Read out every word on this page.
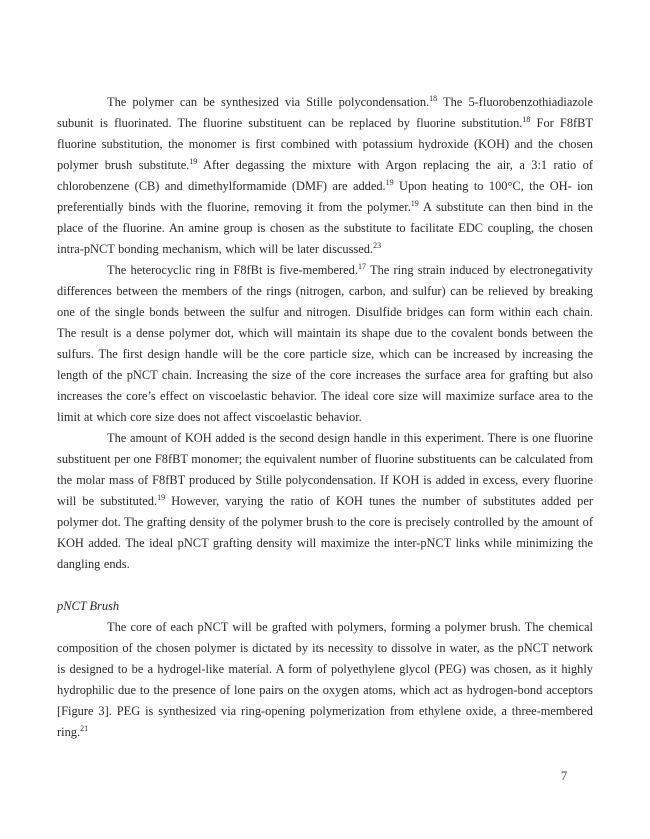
The polymer can be synthesized via Stille polycondensation.$^{18}$ The 5-fluorobenzothiadiazole subunit is fluorinated. The fluorine substituent can be replaced by fluorine substitution.$^{18}$ For F8fBT fluorine substitution, the monomer is first combined with potassium hydroxide (KOH) and the chosen polymer brush substitute.$^{19}$ After degassing the mixture with Argon replacing the air, a 3:1 ratio of chlorobenzene (CB) and dimethylformamide (DMF) are added.$^{19}$ Upon heating to 100°C, the OH- ion preferentially binds with the fluorine, removing it from the polymer.$^{19}$ A substitute can then bind in the place of the fluorine. An amine group is chosen as the substitute to facilitate EDC coupling, the chosen intra-pNCT bonding mechanism, which will be later discussed.$^{23}$

The heterocyclic ring in F8fBt is five-membered.$^{17}$ The ring strain induced by electronegativity differences between the members of the rings (nitrogen, carbon, and sulfur) can be relieved by breaking one of the single bonds between the sulfur and nitrogen. Disulfide bridges can form within each chain. The result is a dense polymer dot, which will maintain its shape due to the covalent bonds between the sulfurs. The first design handle will be the core particle size, which can be increased by increasing the length of the pNCT chain. Increasing the size of the core increases the surface area for grafting but also increases the core’s effect on viscoelastic behavior. The ideal core size will maximize surface area to the limit at which core size does not affect viscoelastic behavior.

The amount of KOH added is the second design handle in this experiment. There is one fluorine substituent per one F8fBT monomer; the equivalent number of fluorine substituents can be calculated from the molar mass of F8fBT produced by Stille polycondensation. If KOH is added in excess, every fluorine will be substituted.$^{19}$ However, varying the ratio of KOH tunes the number of substitutes added per polymer dot. The grafting density of the polymer brush to the core is precisely controlled by the amount of KOH added. The ideal pNCT grafting density will maximize the inter-pNCT links while minimizing the dangling ends.

pNCT Brush

The core of each pNCT will be grafted with polymers, forming a polymer brush. The chemical composition of the chosen polymer is dictated by its necessity to dissolve in water, as the pNCT network is designed to be a hydrogel-like material. A form of polyethylene glycol (PEG) was chosen, as it highly hydrophilic due to the presence of lone pairs on the oxygen atoms, which act as hydrogen-bond acceptors [Figure 3]. PEG is synthesized via ring-opening polymerization from ethylene oxide, a three-membered ring.$^{21}$

7
